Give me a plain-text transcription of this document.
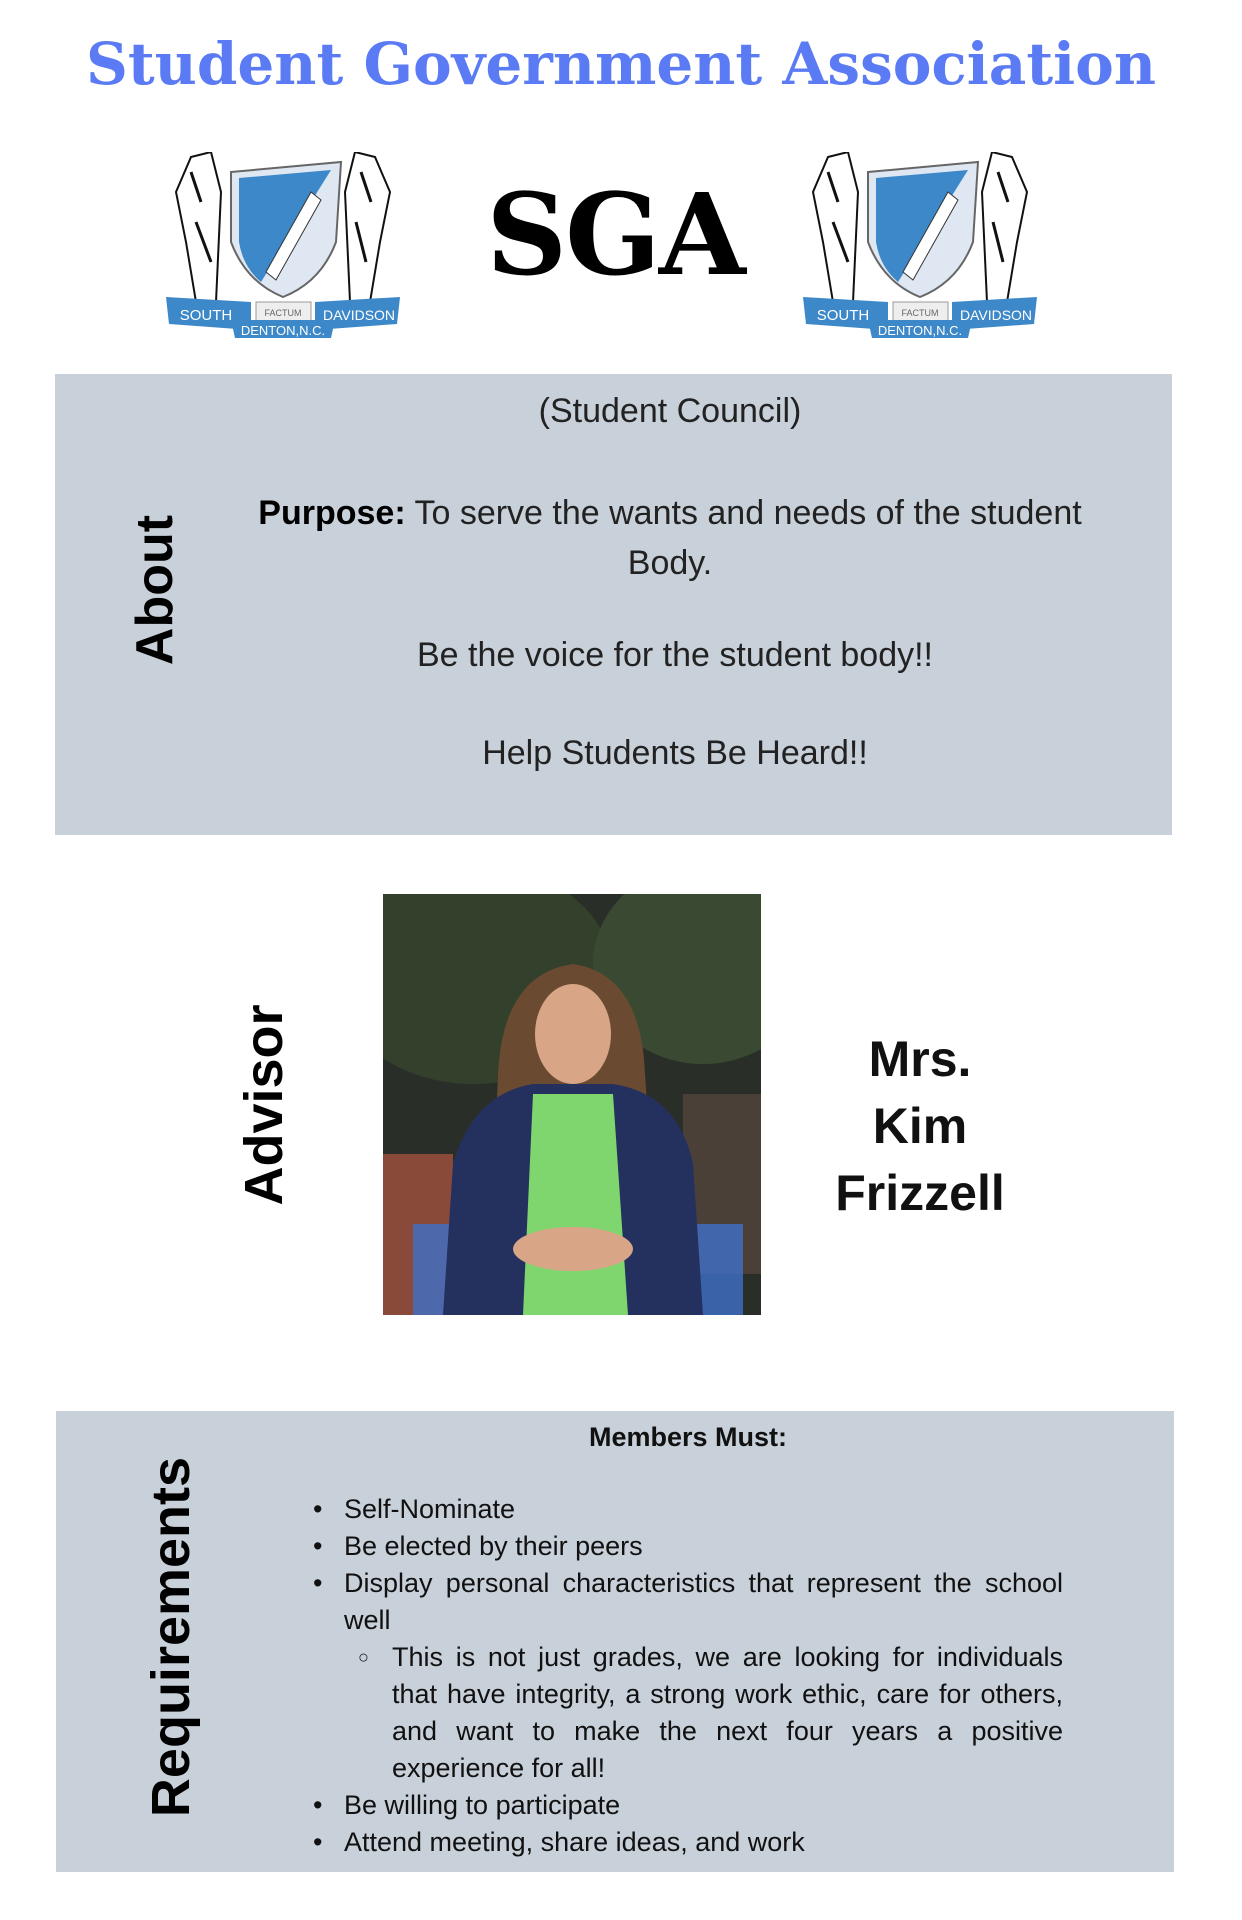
Student Government Association
SOUTH	DAVIDSON
FACTUM
DENTON,N.C.
SGA
SOUTH	DAVIDSON
FACTUM
DENTON,N.C.
About
(Student Council)
Purpose: To serve the wants and needs of the student Body.
Be the voice for the student body!!
Help Students Be Heard!!
Advisor	Mrs.
Kim
Frizzell
Requirements
Members Must:
• Self-Nominate
• Be elected by their peers
• Display personal characteristics that represent the school well
○ This is not just grades, we are looking for individuals that have integrity, a strong work ethic, care for others, and want to make the next four years a positive experience for all!
• Be willing to participate
• Attend meeting, share ideas, and work
